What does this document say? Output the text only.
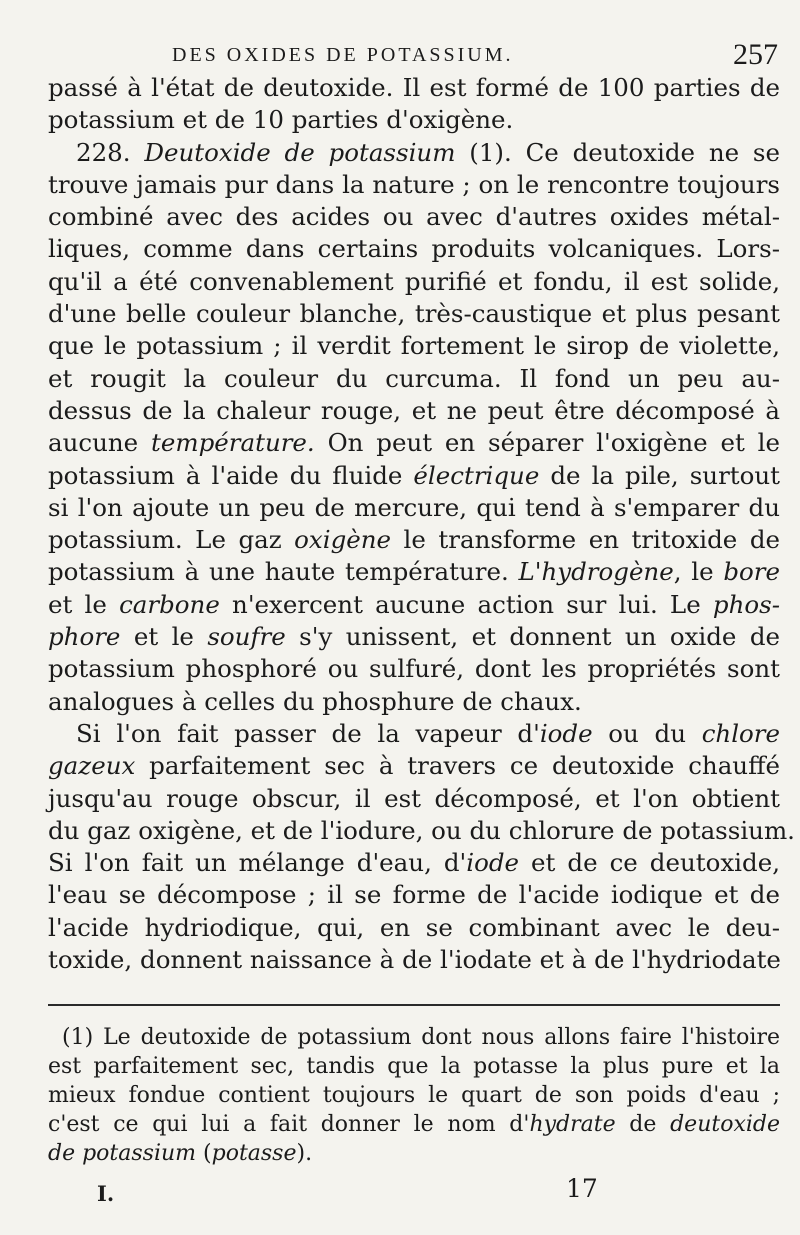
DES OXIDES DE POTASSIUM.	257
passé à l'état de deutoxide. Il est formé de 100 parties de
potassium et de 10 parties d'oxigène.
228. Deutoxide de potassium (1). Ce deutoxide ne se
trouve jamais pur dans la nature ; on le rencontre toujours
combiné avec des acides ou avec d'autres oxides métal-
liques, comme dans certains produits volcaniques. Lors-
qu'il a été convenablement purifié et fondu, il est solide,
d'une belle couleur blanche, très-caustique et plus pesant
que le potassium ; il verdit fortement le sirop de violette,
et rougit la couleur du curcuma. Il fond un peu au-
dessus de la chaleur rouge, et ne peut être décomposé à
aucune température. On peut en séparer l'oxigène et le
potassium à l'aide du fluide électrique de la pile, surtout
si l'on ajoute un peu de mercure, qui tend à s'emparer du
potassium. Le gaz oxigène le transforme en tritoxide de
potassium à une haute température. L'hydrogène, le bore
et le carbone n'exercent aucune action sur lui. Le phos-
phore et le soufre s'y unissent, et donnent un oxide de
potassium phosphoré ou sulfuré, dont les propriétés sont
analogues à celles du phosphure de chaux.
Si l'on fait passer de la vapeur d'iode ou du chlore
gazeux parfaitement sec à travers ce deutoxide chauffé
jusqu'au rouge obscur, il est décomposé, et l'on obtient
du gaz oxigène, et de l'iodure, ou du chlorure de potassium.
Si l'on fait un mélange d'eau, d'iode et de ce deutoxide,
l'eau se décompose ; il se forme de l'acide iodique et de
l'acide hydriodique, qui, en se combinant avec le deu-
toxide, donnent naissance à de l'iodate et à de l'hydriodate
(1) Le deutoxide de potassium dont nous allons faire l'histoire
est parfaitement sec, tandis que la potasse la plus pure et la
mieux fondue contient toujours le quart de son poids d'eau ;
c'est ce qui lui a fait donner le nom d'hydrate de deutoxide
de potassium (potasse).
I.	17
